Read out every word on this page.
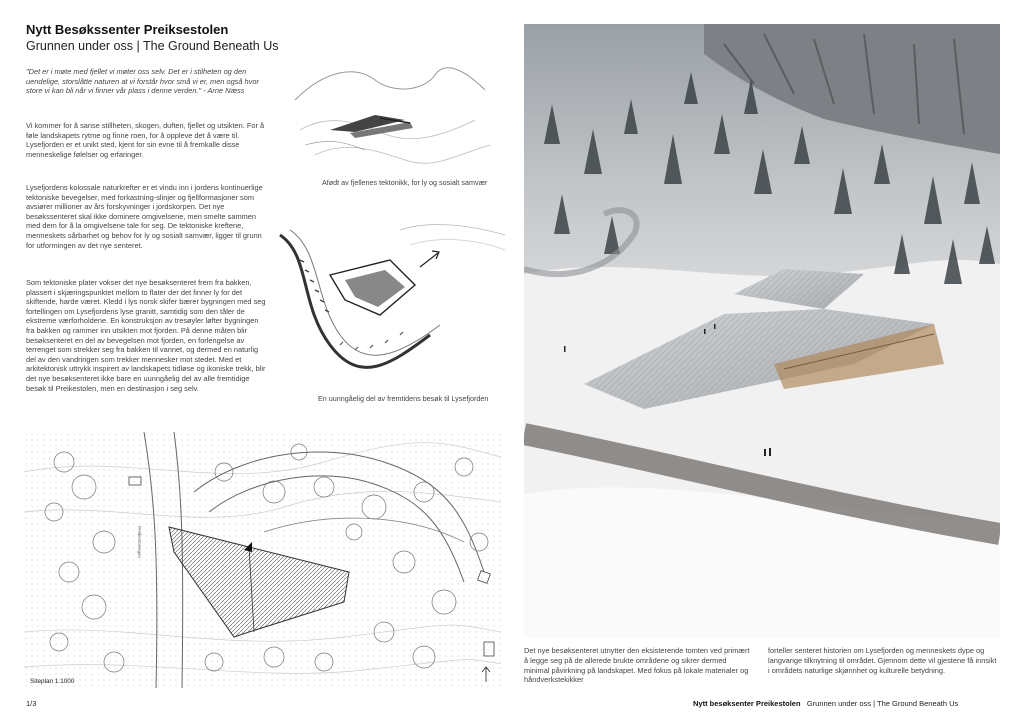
Nytt Besøkssenter Preiksestolen
Grunnen under oss | The Ground Beneath Us
"Det er i møte med fjellet vi møter oss selv. Det er i stilheten og den uendelige, storslåtte naturen at vi forstår hvor små vi er, men også hvor store vi kan bli når vi finner vår plass i denne verden." - Arne Næss
Vi kommer for å sanse stillheten, skogen, duften, fjellet og utsikten. For å føle landskapets rytme og finne roen, for å oppleve det å være til. Lysefjorden er et unikt sted, kjent for sin evne til å fremkalle disse menneskelige følelser og erfaringer.
Lysefjordens kolossale naturkrefter er et vindu inn i jordens kontinuerlige tektoniske bevegelser, med forkastning-slinjer og fjellformasjoner som avsiører millioner av års forskyvninger i jordskorpen. Det nye besøkssenteret skal ikke dominere omgivelsene, men smelte sammen med dem for å la omgivelsene tale for seg. De tektoniske kreftene, menneskets sårbarhet og behov for ly og sosialt samvær, ligger til grunn for utformingen av det nye senteret.
Som tektoniske plater vokser det nye besøksenteret frem fra bakken, plassert i skjæringspunktet mellom to flater der det finner ly for det skiftende, harde været. Kledd i lys norsk skifer bærer bygningen med seg fortellingen om Lysefjordens lyse granitt, samtidig som den tåler de ekstreme værforholdene. En konstruksjon av tresøyler løfter bygningen fra bakken og rammer inn utsikten mot fjorden. På denne måten blir besøksenteret en del av bevegelsen mot fjorden, en forlengelse av terrenget som strekker seg fra bakken til vannet, og dermed en naturlig del av den vandringen som trekker mennesker mot stedet. Med et arkitektonisk uttrykk inspirert av landskapets tidløse og ikoniske trekk, blir det nye besøksenteret ikke bare en uunngåelig del av alle fremtidige besøk til Preikestolen, men en destinasjon i seg selv.
Afødt av fjellenes tektonikk, for ly og sosialt samvær
En uunngåelig del av fremtidens besøk til Lysefjorden
Preikestolvegen
Siteplan 1:1000
Det nye besøksenteret utnytter den eksisterende tomten ved primært å legge seg på de allerede brukte områdene og sikrer dermed minimal påvirkning på landskapet. Med fokus på lokale materialer og håndverkstekikker
forteller senteret historien om Lysefjorden og menneskets dype og langvarige tilknytning til området. Gjennom dette vil gjestene få innsikt i områdets naturlige skjønnhet og kulturelle betydning.
1/3	Nytt besøksenter Preikestolen Grunnen under oss | The Ground Beneath Us
